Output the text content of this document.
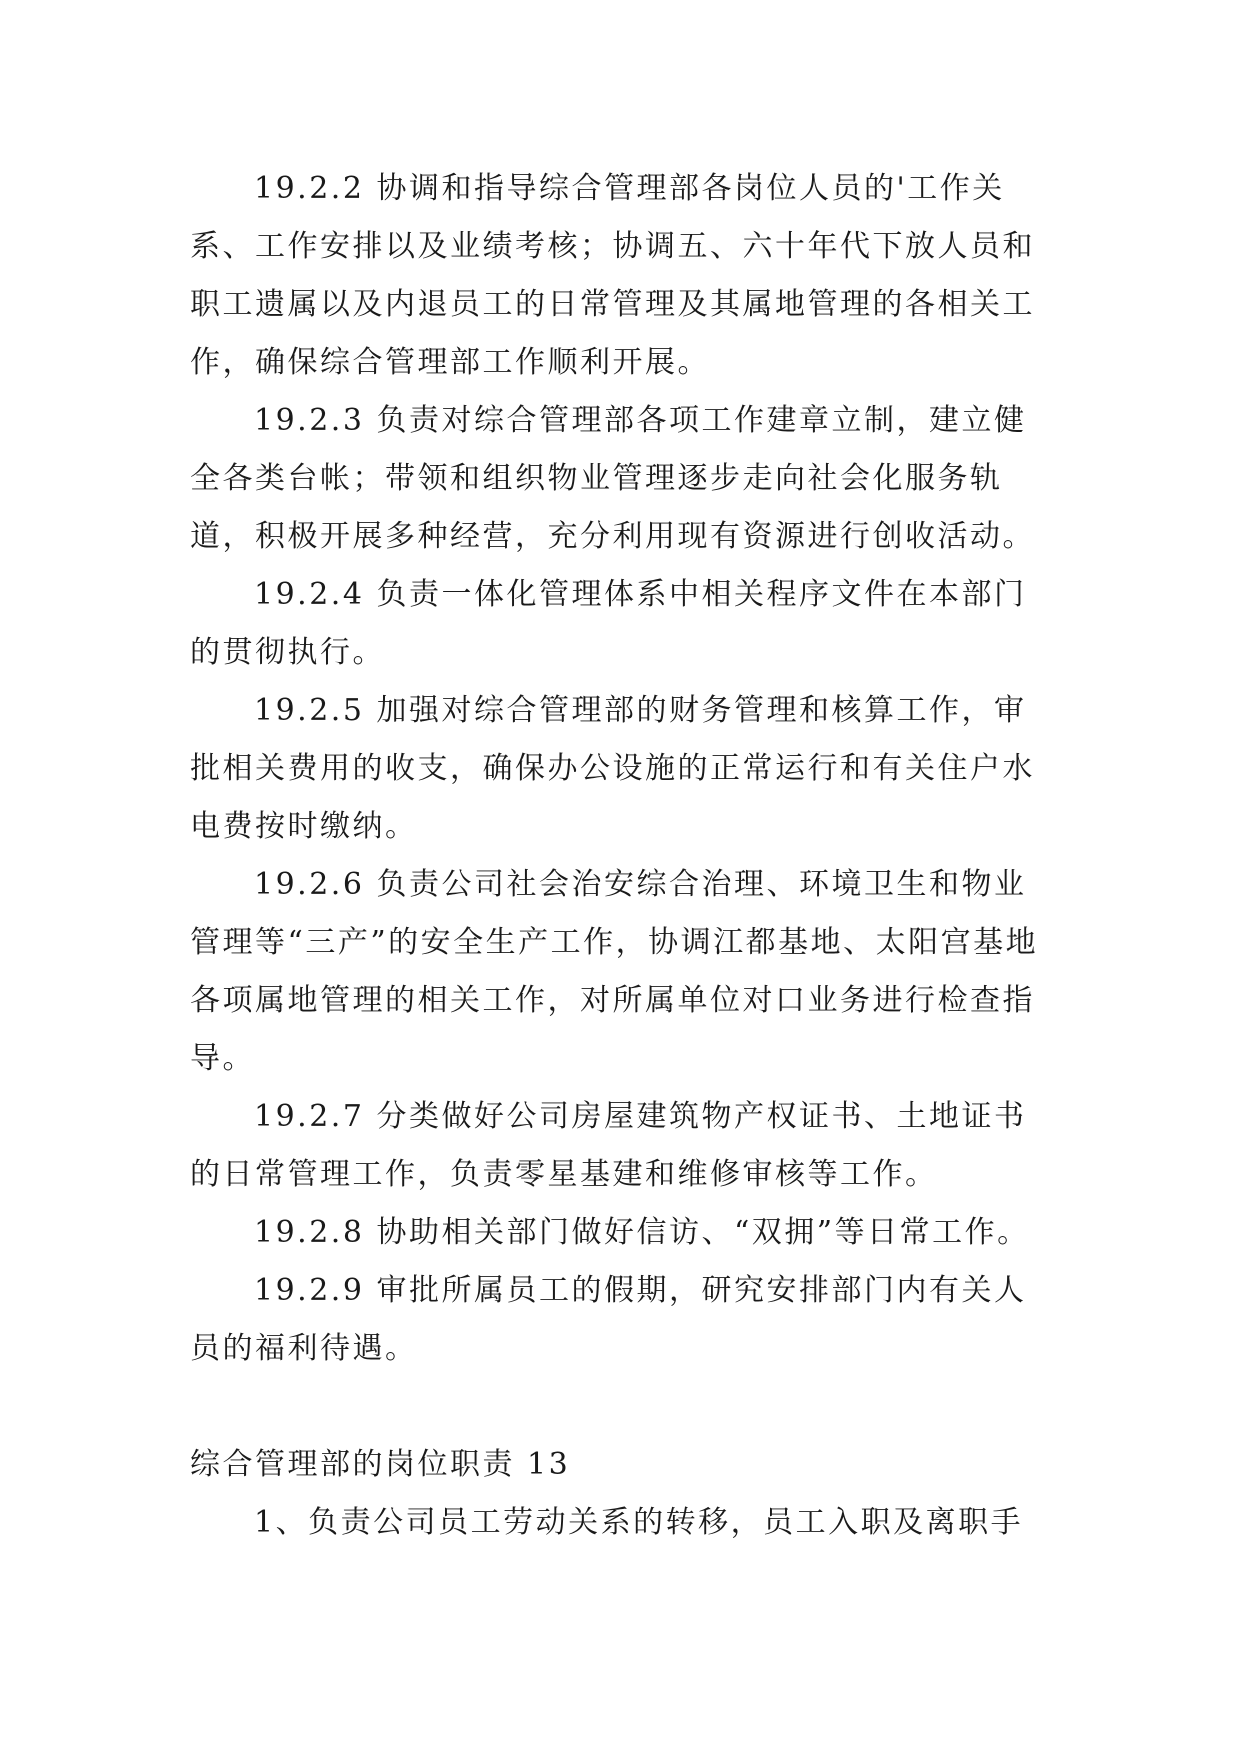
19.2.2 协调和指导综合管理部各岗位人员的'工作关系、工作安排以及业绩考核；协调五、六十年代下放人员和职工遗属以及内退员工的日常管理及其属地管理的各相关工作，确保综合管理部工作顺利开展。

19.2.3 负责对综合管理部各项工作建章立制，建立健全各类台帐；带领和组织物业管理逐步走向社会化服务轨道，积极开展多种经营，充分利用现有资源进行创收活动。

19.2.4 负责一体化管理体系中相关程序文件在本部门的贯彻执行。

19.2.5 加强对综合管理部的财务管理和核算工作，审批相关费用的收支，确保办公设施的正常运行和有关住户水电费按时缴纳。

19.2.6 负责公司社会治安综合治理、环境卫生和物业管理等“三产”的安全生产工作，协调江都基地、太阳宫基地各项属地管理的相关工作，对所属单位对口业务进行检查指导。

19.2.7 分类做好公司房屋建筑物产权证书、土地证书的日常管理工作，负责零星基建和维修审核等工作。

19.2.8 协助相关部门做好信访、“双拥”等日常工作。

19.2.9 审批所属员工的假期，研究安排部门内有关人员的福利待遇。

综合管理部的岗位职责 13

1、负责公司员工劳动关系的转移，员工入职及离职手
